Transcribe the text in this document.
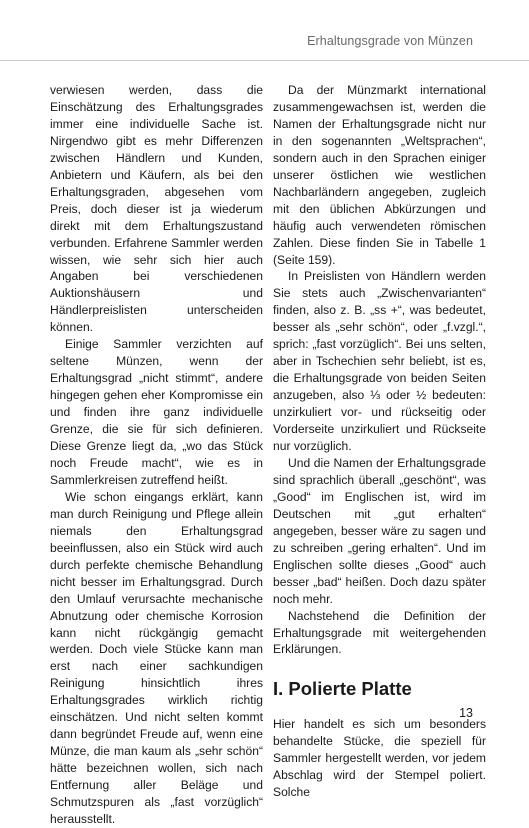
Erhaltungsgrade von Münzen

verwiesen werden, dass die Einschätzung des Erhaltungsgrades immer eine individuelle Sache ist. Nirgendwo gibt es mehr Differenzen zwischen Händlern und Kunden, Anbietern und Käufern, als bei den Erhaltungsgraden, abgesehen vom Preis, doch dieser ist ja wiederum direkt mit dem Erhaltungszustand verbunden. Erfahrene Sammler werden wissen, wie sehr sich hier auch Angaben bei verschiedenen Auktionshäusern und Händlerpreislisten unterscheiden können.

Einige Sammler verzichten auf seltene Münzen, wenn der Erhaltungsgrad „nicht stimmt“, andere hingegen gehen eher Kompromisse ein und finden ihre ganz individuelle Grenze, die sie für sich definieren. Diese Grenze liegt da, „wo das Stück noch Freude macht“, wie es in Sammlerkreisen zutreffend heißt.

Wie schon eingangs erklärt, kann man durch Reinigung und Pflege allein niemals den Erhaltungsgrad beeinflussen, also ein Stück wird auch durch perfekte chemische Behandlung nicht besser im Erhaltungsgrad. Durch den Umlauf verursachte mechanische Abnutzung oder chemische Korrosion kann nicht rückgängig gemacht werden. Doch viele Stücke kann man erst nach einer sachkundigen Reinigung hinsichtlich ihres Erhaltungsgrades wirklich richtig einschätzen. Und nicht selten kommt dann begründet Freude auf, wenn eine Münze, die man kaum als „sehr schön“ hätte bezeichnen wollen, sich nach Entfernung aller Beläge und Schmutzspuren als „fast vorzüglich“ herausstellt.

Da der Münzmarkt international zusammengewachsen ist, werden die Namen der Erhaltungsgrade nicht nur in den sogenannten „Weltsprachen“, sondern auch in den Sprachen einiger unserer östlichen wie westlichen Nachbarländern angegeben, zugleich mit den üblichen Abkürzungen und häufig auch verwendeten römischen Zahlen. Diese finden Sie in Tabelle 1 (Seite 159).

In Preislisten von Händlern werden Sie stets auch „Zwischenvarianten“ finden, also z. B. „ss +“, was bedeutet, besser als „sehr schön“, oder „f.vzgl.“, sprich: „fast vorzüglich“. Bei uns selten, aber in Tschechien sehr beliebt, ist es, die Erhaltungsgrade von beiden Seiten anzugeben, also ⅓ oder ½ bedeuten: unzirkuliert vor- und rückseitig oder Vorderseite unzirkuliert und Rückseite nur vorzüglich.

Und die Namen der Erhaltungsgrade sind sprachlich überall „geschönt“, was „Good“ im Englischen ist, wird im Deutschen mit „gut erhalten“ angegeben, besser wäre zu sagen und zu schreiben „gering erhalten“. Und im Englischen sollte dieses „Good“ auch besser „bad“ heißen. Doch dazu später noch mehr.

Nachstehend die Definition der Erhaltungsgrade mit weitergehenden Erklärungen.

I. Polierte Platte

Hier handelt es sich um besonders behandelte Stücke, die speziell für Sammler hergestellt werden, vor jedem Abschlag wird der Stempel poliert. Solche

13
